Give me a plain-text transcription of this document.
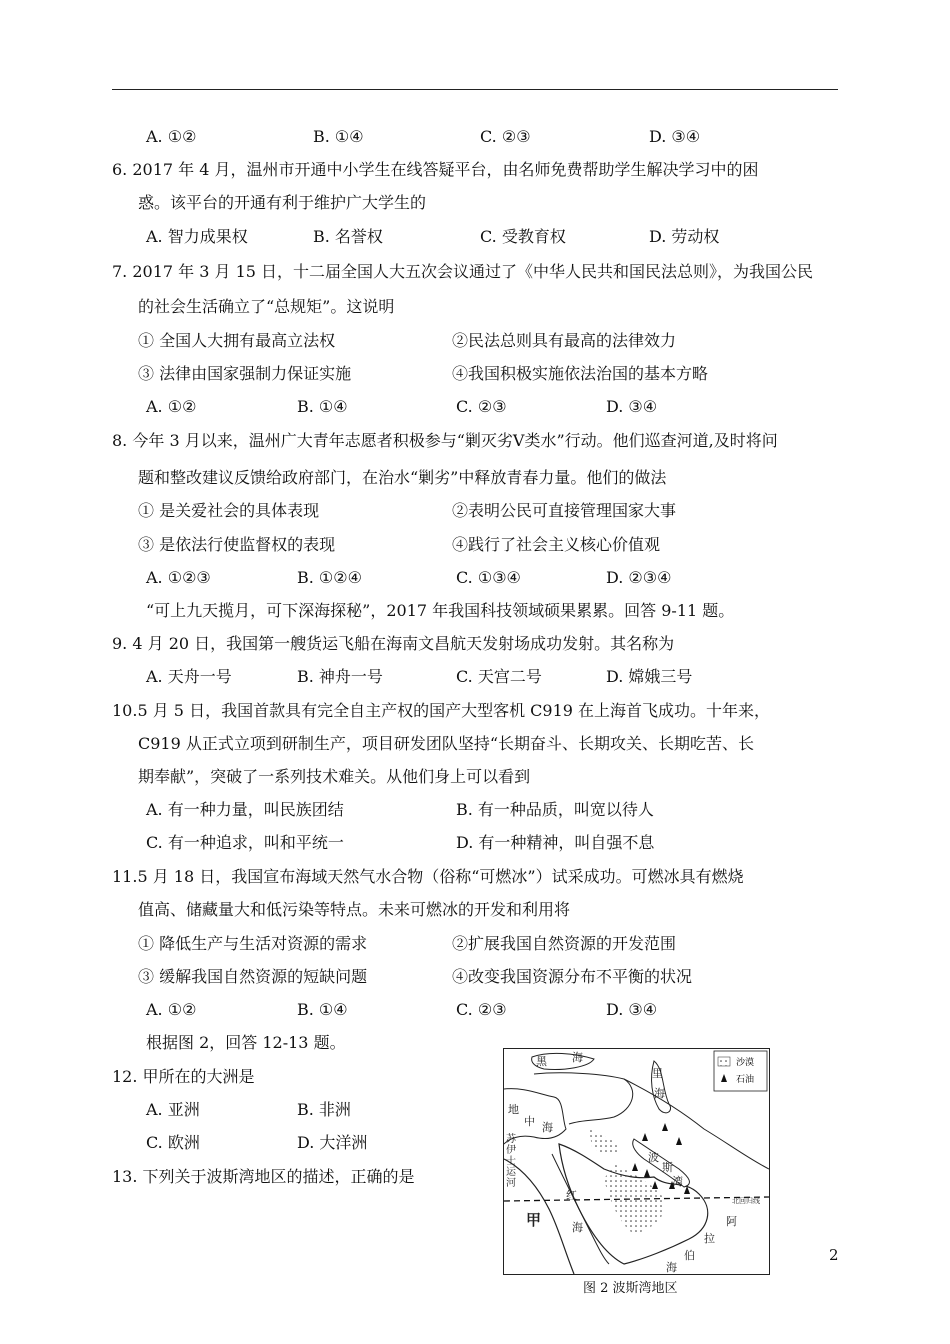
A. ①②	B. ①④	C. ②③	D. ③④
6. 2017 年 4 月，温州市开通中小学生在线答疑平台，由名师免费帮助学生解决学习中的困
惑。该平台的开通有利于维护广大学生的
A. 智力成果权	B. 名誉权	C. 受教育权	D. 劳动权
7. 2017 年 3 月 15 日，十二届全国人大五次会议通过了《中华人民共和国民法总则》，为我国公民
的社会生活确立了“总规矩”。这说明
① 全国人大拥有最高立法权	②民法总则具有最高的法律效力
③ 法律由国家强制力保证实施	④我国积极实施依法治国的基本方略
A. ①②	B. ①④	C. ②③	D. ③④
8. 今年 3 月以来，温州广大青年志愿者积极参与“剿灭劣Ⅴ类水”行动。他们巡查河道,及时将问
题和整改建议反馈给政府部门，在治水“剿劣”中释放青春力量。他们的做法
① 是关爱社会的具体表现	②表明公民可直接管理国家大事
③ 是依法行使监督权的表现	④践行了社会主义核心价值观
A. ①②③	B. ①②④	C. ①③④	D. ②③④
“可上九天揽月，可下深海探秘”，2017 年我国科技领域硕果累累。回答 9-11 题。
9. 4 月 20 日，我国第一艘货运飞船在海南文昌航天发射场成功发射。其名称为
A. 天舟一号	B. 神舟一号	C. 天宫二号	D. 嫦娥三号
10.5 月 5 日，我国首款具有完全自主产权的国产大型客机 C919 在上海首飞成功。十年来，
C919 从正式立项到研制生产，项目研发团队坚持“长期奋斗、长期攻关、长期吃苦、长
期奉献”，突破了一系列技术难关。从他们身上可以看到
A. 有一种力量，叫民族团结	B. 有一种品质，叫宽以待人
C. 有一种追求，叫和平统一	D. 有一种精神，叫自强不息
11.5 月 18 日，我国宣布海域天然气水合物（俗称“可燃冰”）试采成功。可燃冰具有燃烧
值高、储藏量大和低污染等特点。未来可燃冰的开发和利用将
① 降低生产与生活对资源的需求	②扩展我国自然资源的开发范围
③ 缓解我国自然资源的短缺问题	④改变我国资源分布不平衡的状况
A. ①②	B. ①④	C. ②③	D. ③④
根据图 2，回答 12-13 题。
12. 甲所在的大洲是
A. 亚洲	B. 非洲
C. 欧洲	D. 大洋洲
13. 下列关于波斯湾地区的描述，正确的是
沙漠
石油
黑 海
里
海
地
中 海
苏
伊
士
运
河
红
海
波
斯
湾
阿
拉
伯
海
甲
北回归线
图 2 波斯湾地区
2
